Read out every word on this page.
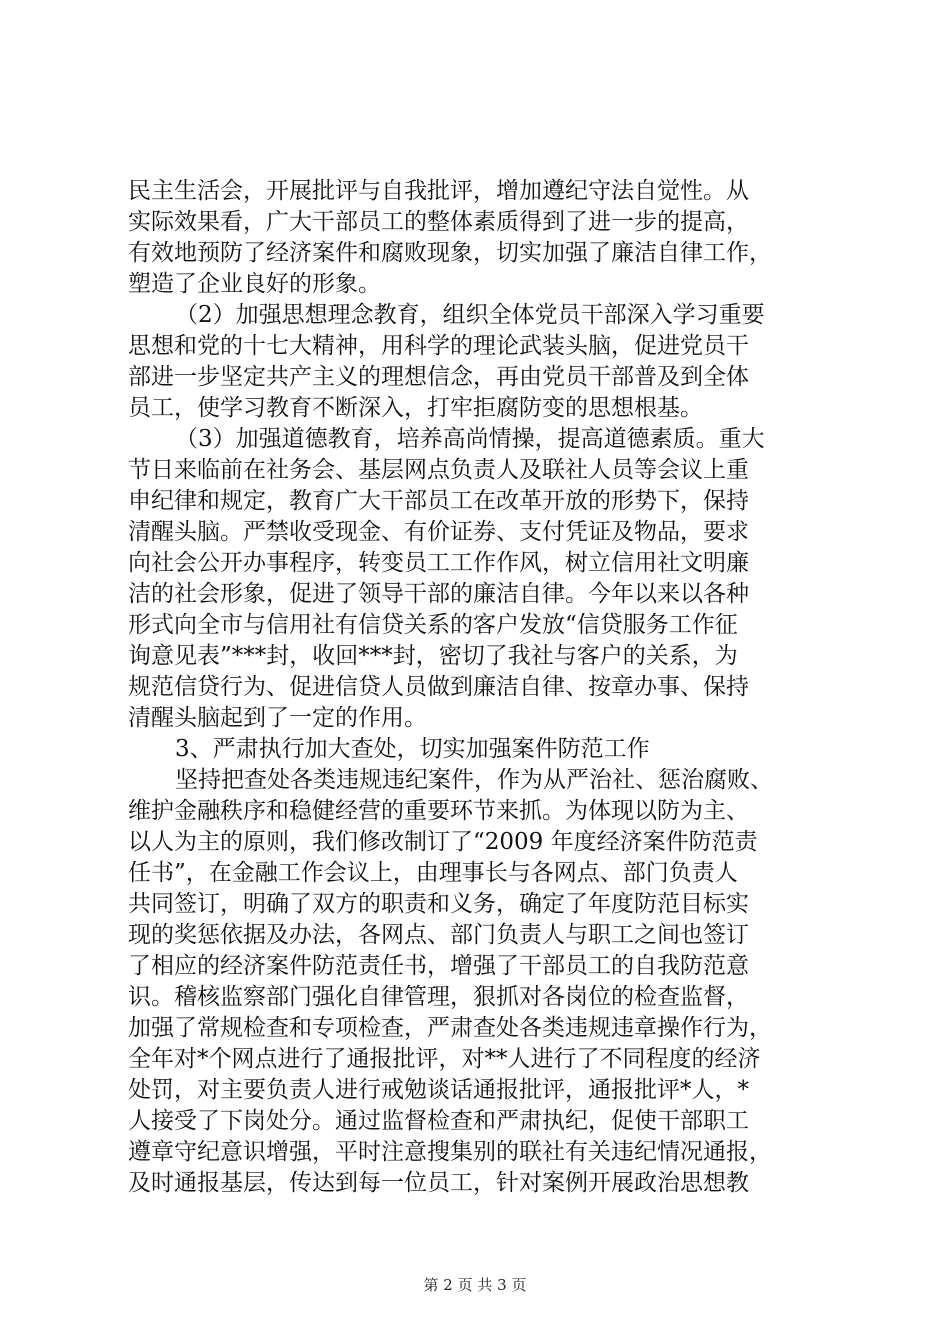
民主生活会，开展批评与自我批评，增加遵纪守法自觉性。从
实际效果看，广大干部员工的整体素质得到了进一步的提高，
有效地预防了经济案件和腐败现象，切实加强了廉洁自律工作，
塑造了企业良好的形象。
（2）加强思想理念教育，组织全体党员干部深入学习重要
思想和党的十七大精神，用科学的理论武装头脑，促进党员干
部进一步坚定共产主义的理想信念，再由党员干部普及到全体
员工，使学习教育不断深入，打牢拒腐防变的思想根基。
（3）加强道德教育，培养高尚情操，提高道德素质。重大
节日来临前在社务会、基层网点负责人及联社人员等会议上重
申纪律和规定，教育广大干部员工在改革开放的形势下，保持
清醒头脑。严禁收受现金、有价证券、支付凭证及物品，要求
向社会公开办事程序，转变员工工作作风，树立信用社文明廉
洁的社会形象，促进了领导干部的廉洁自律。今年以来以各种
形式向全市与信用社有信贷关系的客户发放“信贷服务工作征
询意见表”***封，收回***封，密切了我社与客户的关系，为
规范信贷行为、促进信贷人员做到廉洁自律、按章办事、保持
清醒头脑起到了一定的作用。
3、严肃执行加大查处，切实加强案件防范工作
坚持把查处各类违规违纪案件，作为从严治社、惩治腐败、
维护金融秩序和稳健经营的重要环节来抓。为体现以防为主、
以人为主的原则，我们修改制订了“2009 年度经济案件防范责
任书”，在金融工作会议上，由理事长与各网点、部门负责人
共同签订，明确了双方的职责和义务，确定了年度防范目标实
现的奖惩依据及办法，各网点、部门负责人与职工之间也签订
了相应的经济案件防范责任书，增强了干部员工的自我防范意
识。稽核监察部门强化自律管理，狠抓对各岗位的检查监督，
加强了常规检查和专项检查，严肃查处各类违规违章操作行为，
全年对*个网点进行了通报批评，对**人进行了不同程度的经济
处罚，对主要负责人进行戒勉谈话通报批评，通报批评*人，*
人接受了下岗处分。通过监督检查和严肃执纪，促使干部职工
遵章守纪意识增强，平时注意搜集别的联社有关违纪情况通报，
及时通报基层，传达到每一位员工，针对案例开展政治思想教
第 2 页 共 3 页
